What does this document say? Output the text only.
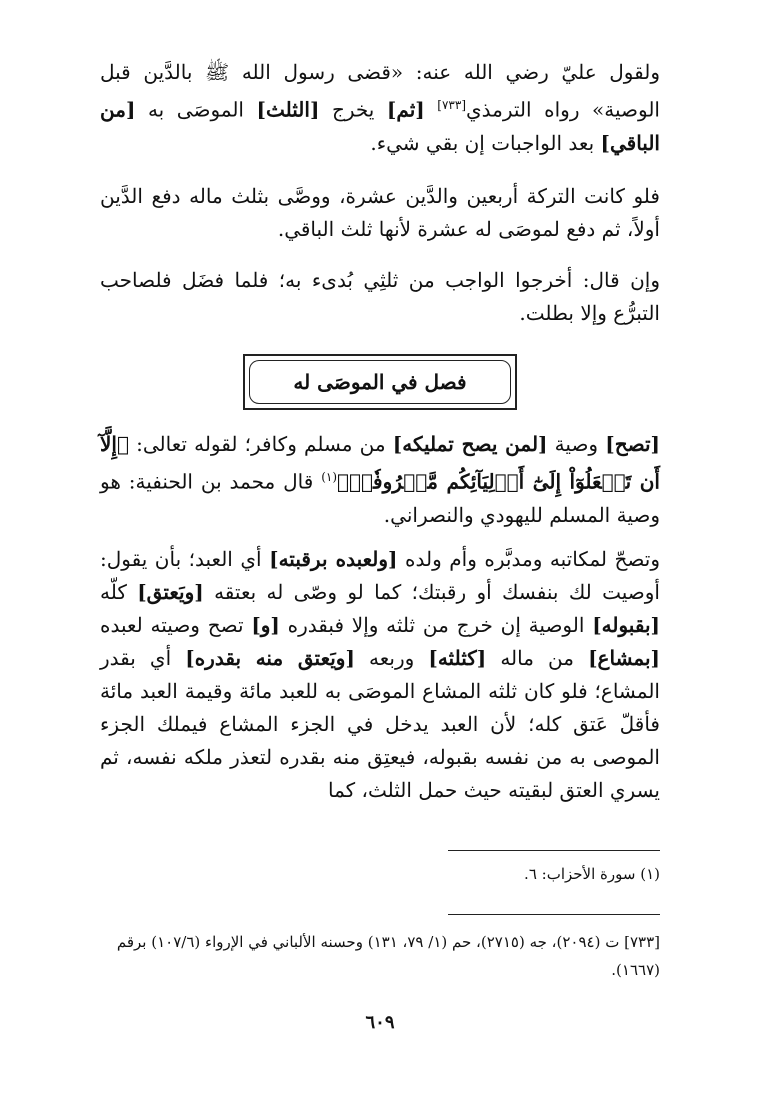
ولقول عليّ رضي الله عنه: «قضى رسول الله ﷺ بالدَّين قبل الوصية» رواه الترمذي[٧٣٣] [ثم] يخرج [الثلث] الموصَى به [من الباقي] بعد الواجبات إن بقي شيء.
فلو كانت التركة أربعين والدَّين عشرة، ووصَّى بثلث ماله دفع الدَّين أولاً، ثم دفع لموصَى له عشرة لأنها ثلث الباقي.
وإن قال: أخرجوا الواجب من ثلثِي بُدىء به؛ فلما فضَل فلصاحب التبرُّع وإلا بطلت.
فصل في الموصَى له
[تصح] وصية [لمن يصح تمليكه] من مسلم وكافر؛ لقوله تعالى: ﴿إِلَّآ أَن تَفۡعَلُوٓاْ إِلَىٰٓ أَوۡلِيَآئِكُم مَّعۡرُوفٗاۚ﴾$^{(١)}$ قال محمد بن الحنفية: هو وصية المسلم لليهودي والنصراني.
وتصحّ لمكاتبه ومدبَّره وأم ولده [ولعبده برقبته] أي العبد؛ بأن يقول: أوصيت لك بنفسك أو رقبتك؛ كما لو وصّى له بعتقه [ويَعتق] كلّه [بقبوله] الوصية إن خرج من ثلثه وإلا فبقدره [و] تصح وصيته لعبده [بمشاع] من ماله [كثلثه] وربعه [ويَعتق منه بقدره] أي بقدر المشاع؛ فلو كان ثلثه المشاع الموصَى به للعبد مائة وقيمة العبد مائة فأقلّ عَتق كله؛ لأن العبد يدخل في الجزء المشاع فيملك الجزء الموصى به من نفسه بقبوله، فيعتِق منه بقدره لتعذر ملكه نفسه، ثم يسري العتق لبقيته حيث حمل الثلث، كما
(١) سورة الأحزاب: ٦.
[٧٣٣] ت (٢٠٩٤)، جه (٢٧١٥)، حم (١/ ٧٩، ١٣١) وحسنه الألباني في الإرواء (١٠٧/٦) برقم (١٦٦٧).
٦٠٩
